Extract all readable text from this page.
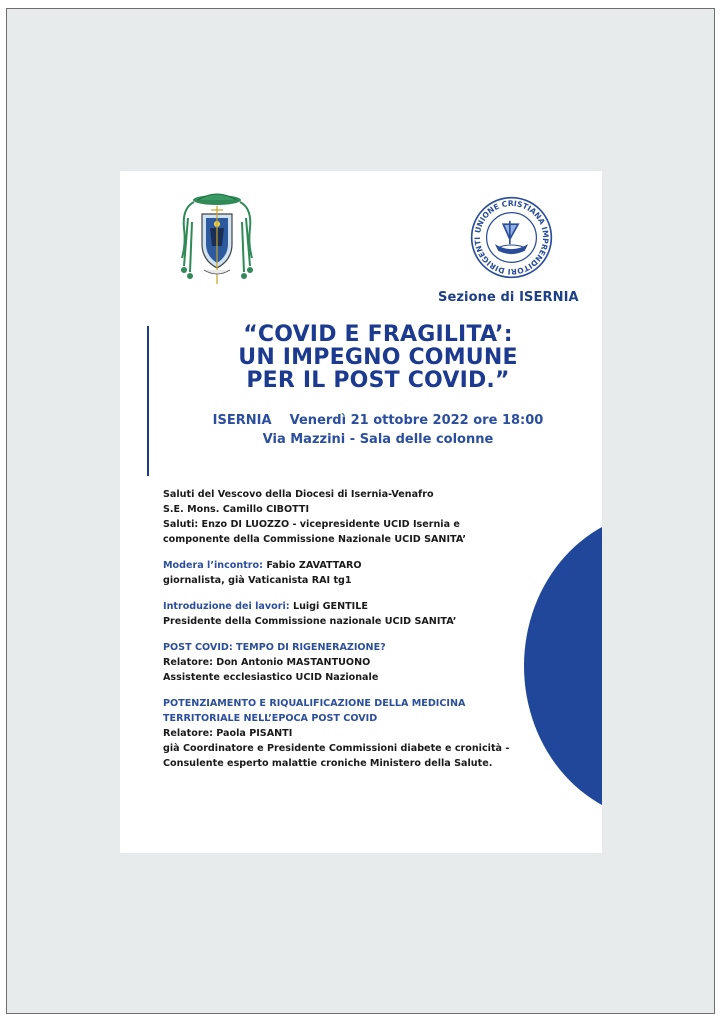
UNIONE CRISTIANA IMPRENDITORI DIRIGENTI
Sezione di ISERNIA
“COVID E FRAGILITA’:
UN IMPEGNO COMUNE
PER IL POST COVID.”
ISERNIA    Venerdì 21 ottobre 2022 ore 18:00
Via Mazzini - Sala delle colonne
Saluti del Vescovo della Diocesi di Isernia-Venafro
S.E. Mons. Camillo CIBOTTI
Saluti: Enzo DI LUOZZO - vicepresidente UCID Isernia e
componente della Commissione Nazionale UCID SANITA’
Modera l’incontro: Fabio ZAVATTARO
giornalista, già Vaticanista RAI tg1
Introduzione dei lavori: Luigi GENTILE
Presidente della Commissione nazionale UCID SANITA’
POST COVID: TEMPO DI RIGENERAZIONE?
Relatore: Don Antonio MASTANTUONO
Assistente ecclesiastico UCID Nazionale
POTENZIAMENTO E RIQUALIFICAZIONE DELLA MEDICINA
TERRITORIALE NELL’EPOCA POST COVID
Relatore: Paola PISANTI
già Coordinatore e Presidente Commissioni diabete e cronicità -
Consulente esperto malattie croniche Ministero della Salute.
